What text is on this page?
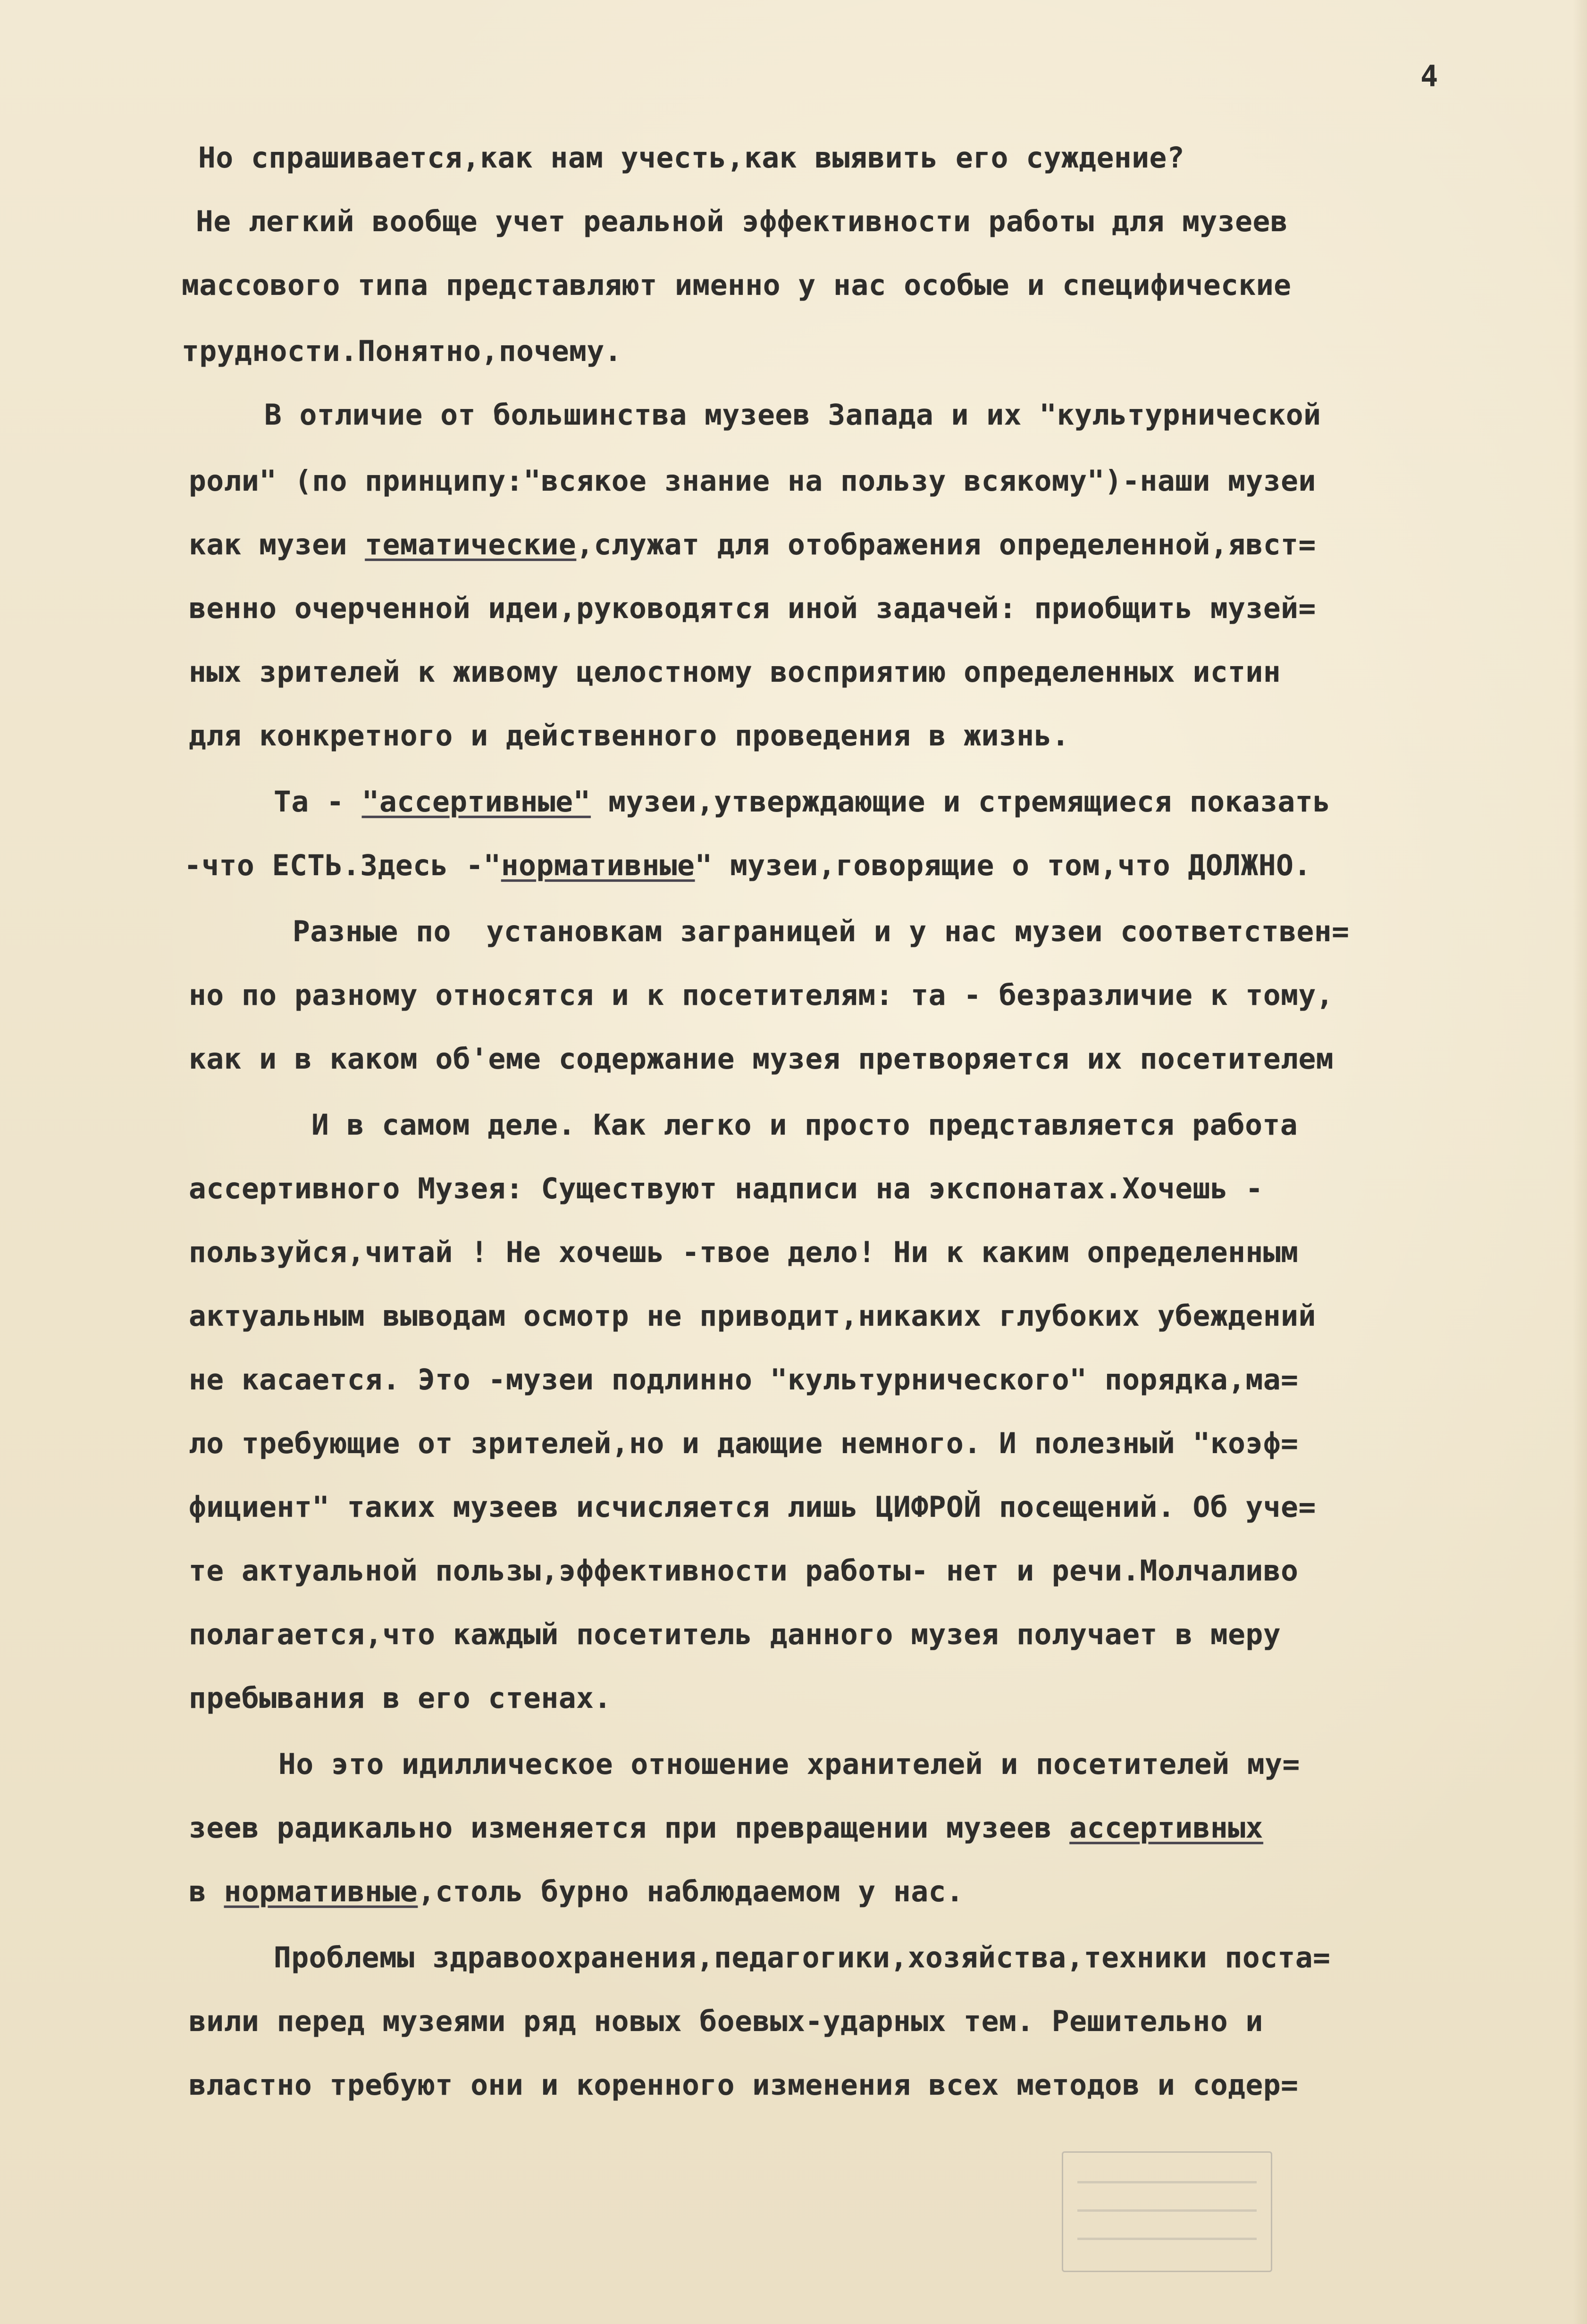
4
Но спрашивается,как нам учесть,как выявить его суждение?
Не легкий вообще учет реальной эффективности работы для музеев
массового типа представляют именно у нас особые и специфические
трудности.Понятно,почему.
В отличие от большинства музеев Запада и их "культурнической
роли" (по принципу:"всякое знание на пользу всякому")-наши музеи
как музеи тематические,служат для отображения определенной,явст=
венно очерченной идеи,руководятся иной задачей: приобщить музей=
ных зрителей к живому целостному восприятию определенных истин
для конкретного и действенного проведения в жизнь.
Та - "ассертивные" музеи,утверждающие и стремящиеся показать
-что ЕСТЬ.Здесь -"нормативные" музеи,говорящие о том,что ДОЛЖНО.
Разные по  установкам заграницей и у нас музеи соответствен=
но по разному относятся и к посетителям: та - безразличие к тому,
как и в каком об'еме содержание музея претворяется их посетителем
И в самом деле. Как легко и просто представляется работа
ассертивного Музея: Существуют надписи на экспонатах.Хочешь -
пользуйся,читай ! Не хочешь -твое дело! Ни к каким определенным
актуальным выводам осмотр не приводит,никаких глубоких убеждений
не касается. Это -музеи подлинно "культурнического" порядка,ма=
ло требующие от зрителей,но и дающие немного. И полезный "коэф=
фициент" таких музеев исчисляется лишь ЦИФРОЙ посещений. Об уче=
те актуальной пользы,эффективности работы- нет и речи.Молчаливо
полагается,что каждый посетитель данного музея получает в меру
пребывания в его стенах.
Но это идиллическое отношение хранителей и посетителей му=
зеев радикально изменяется при превращении музеев ассертивных
в нормативные,столь бурно наблюдаемом у нас.
Проблемы здравоохранения,педагогики,хозяйства,техники поста=
вили перед музеями ряд новых боевых-ударных тем. Решительно и
властно требуют они и коренного изменения всех методов и содер=
